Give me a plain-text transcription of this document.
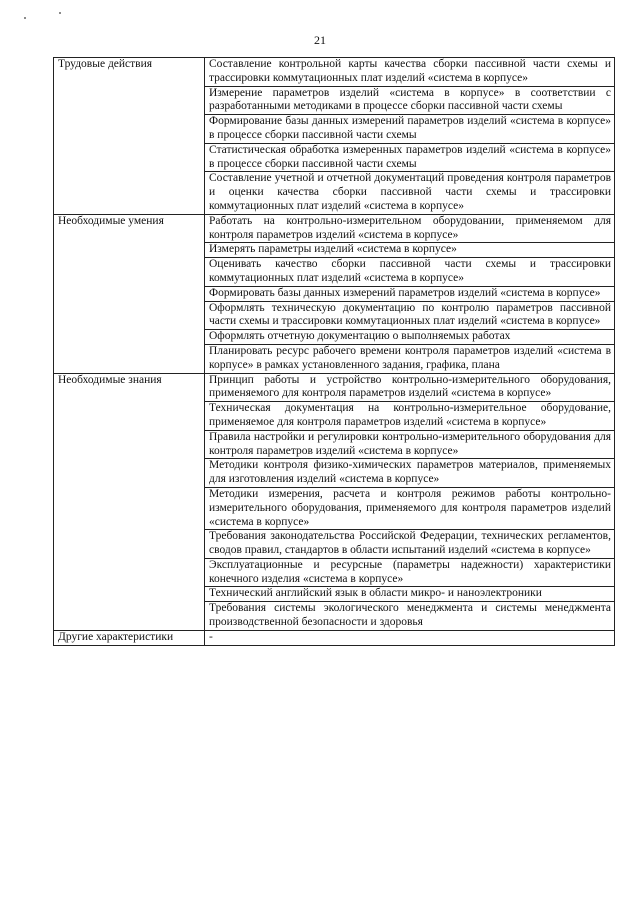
21
Трудовые действия	Составление контрольной карты качества сборки пассивной части схемы и трассировки коммутационных плат изделий «система в корпусе»
	Измерение параметров изделий «система в корпусе» в соответствии с разработанными методиками в процессе сборки пассивной части схемы
	Формирование базы данных измерений параметров изделий «система в корпусе» в процессе сборки пассивной части схемы
	Статистическая обработка измеренных параметров изделий «система в корпусе» в процессе сборки пассивной части схемы
	Составление учетной и отчетной документаций проведения контроля параметров и оценки качества сборки пассивной части схемы и трассировки коммутационных плат изделий «система в корпусе»
Необходимые умения	Работать на контрольно-измерительном оборудовании, применяемом для контроля параметров изделий «система в корпусе»
	Измерять параметры изделий «система в корпусе»
	Оценивать качество сборки пассивной части схемы и трассировки коммутационных плат изделий «система в корпусе»
	Формировать базы данных измерений параметров изделий «система в корпусе»
	Оформлять техническую документацию по контролю параметров пассивной части схемы и трассировки коммутационных плат изделий «система в корпусе»
	Оформлять отчетную документацию о выполняемых работах
	Планировать ресурс рабочего времени контроля параметров изделий «система в корпусе» в рамках установленного задания, графика, плана
Необходимые знания	Принцип работы и устройство контрольно-измерительного оборудования, применяемого для контроля параметров изделий «система в корпусе»
	Техническая документация на контрольно-измерительное оборудование, применяемое для контроля параметров изделий «система в корпусе»
	Правила настройки и регулировки контрольно-измерительного оборудования для контроля параметров изделий «система в корпусе»
	Методики контроля физико-химических параметров материалов, применяемых для изготовления изделий «система в корпусе»
	Методики измерения, расчета и контроля режимов работы контрольно-измерительного оборудования, применяемого для контроля параметров изделий «система в корпусе»
	Требования законодательства Российской Федерации, технических регламентов, сводов правил, стандартов в области испытаний изделий «система в корпусе»
	Эксплуатационные и ресурсные (параметры надежности) характеристики конечного изделия «система в корпусе»
	Технический английский язык в области микро- и наноэлектроники
	Требования системы экологического менеджмента и системы менеджмента производственной безопасности и здоровья
Другие характеристики	-
